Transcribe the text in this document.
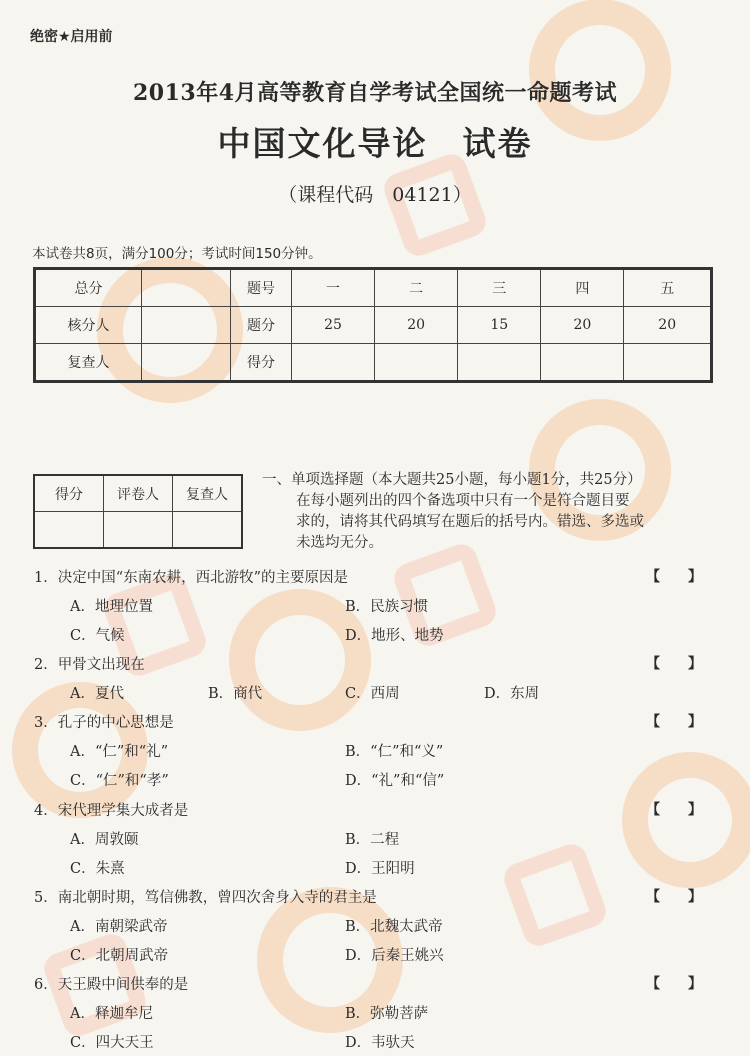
绝密★启用前
2013年4月高等教育自学考试全国统一命题考试
中国文化导论　试卷
（课程代码　04121）
本试卷共8页，满分100分；考试时间150分钟。
总分		题号	一	二	三	四	五
核分人		题分	25	20	15	20	20
复查人		得分					
得分	评卷人	复查人

一、单项选择题（本大题共25小题，每小题1分，共25分）
在每小题列出的四个备选项中只有一个是符合题目要
求的，请将其代码填写在题后的括号内。错选、多选或
未选均无分。
1．决定中国“东南农耕，西北游牧”的主要原因是	【　　】
A．地理位置	B．民族习惯
C．气候	D．地形、地势
2．甲骨文出现在	【　　】
A．夏代	B．商代	C．西周	D．东周
3．孔子的中心思想是	【　　】
A．“仁”和“礼”	B．“仁”和“义”
C．“仁”和“孝”	D．“礼”和“信”
4．宋代理学集大成者是	【　　】
A．周敦颐	B．二程
C．朱熹	D．王阳明
5．南北朝时期，笃信佛教，曾四次舍身入寺的君主是	【　　】
A．南朝梁武帝	B．北魏太武帝
C．北朝周武帝	D．后秦王姚兴
6．天王殿中间供奉的是	【　　】
A．释迦牟尼	B．弥勒菩萨
C．四大天王	D．韦驮天
